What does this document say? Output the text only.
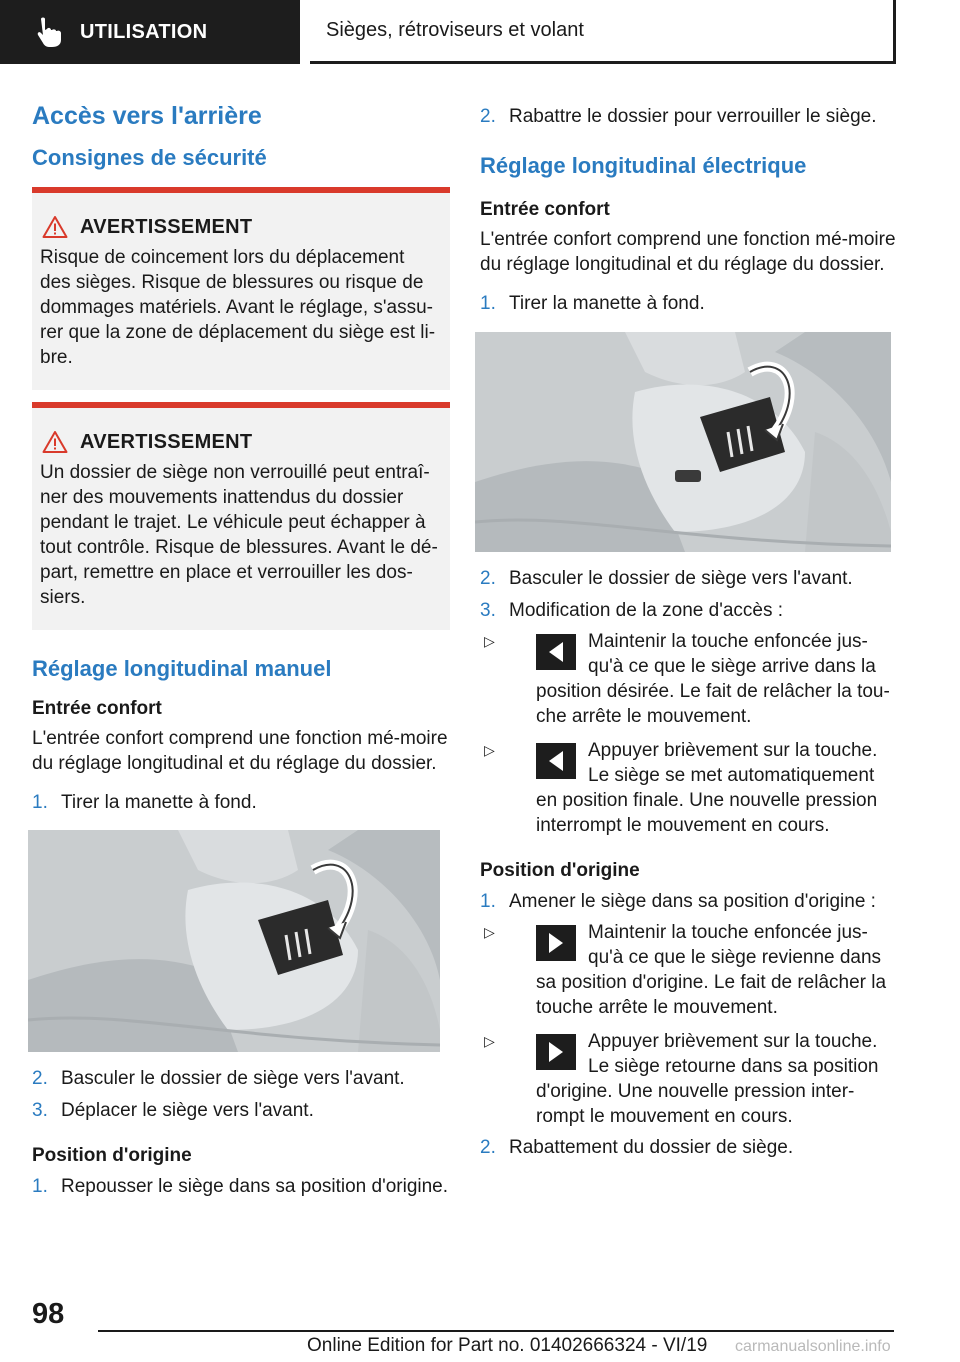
UTILISATION	Sièges, rétroviseurs et volant
Accès vers l'arrière
Consignes de sécurité
AVERTISSEMENT

Risque de coincement lors du déplacement des sièges. Risque de blessures ou risque de dommages matériels. Avant le réglage, s'assu-rer que la zone de déplacement du siège est li-bre.

AVERTISSEMENT

Un dossier de siège non verrouillé peut entraî-ner des mouvements inattendus du dossier pendant le trajet. Le véhicule peut échapper à tout contrôle. Risque de blessures. Avant le dé-part, remettre en place et verrouiller les dos-siers.

Réglage longitudinal manuel
Entrée confort

L'entrée confort comprend une fonction mé-moire du réglage longitudinal et du réglage du dossier.

1. Tirer la manette à fond.
2. Basculer le dossier de siège vers l'avant.
3. Déplacer le siège vers l'avant.
Position d'origine
1. Repousser le siège dans sa position d'origine.
2. Rabattre le dossier pour verrouiller le siège.
Réglage longitudinal électrique
Entrée confort

L'entrée confort comprend une fonction mé-moire du réglage longitudinal et du réglage du dossier.

1. Tirer la manette à fond.
2. Basculer le dossier de siège vers l'avant.
3. Modification de la zone d'accès :
▷	Maintenir la touche enfoncée jus-qu'à ce que le siège arrive dans la position désirée. Le fait de relâcher la tou-che arrête le mouvement.
▷	Appuyer brièvement sur la touche. Le siège se met automatiquement en position finale. Une nouvelle pression interrompt le mouvement en cours.
Position d'origine
1. Amener le siège dans sa position d'origine :
▷	Maintenir la touche enfoncée jus-qu'à ce que le siège revienne dans sa position d'origine. Le fait de relâcher la touche arrête le mouvement.
▷	Appuyer brièvement sur la touche. Le siège retourne dans sa position d'origine. Une nouvelle pression inter-rompt le mouvement en cours.
2. Rabattement du dossier de siège.
98
Online Edition for Part no. 01402666324 - VI/19 carmanualsonline.info
